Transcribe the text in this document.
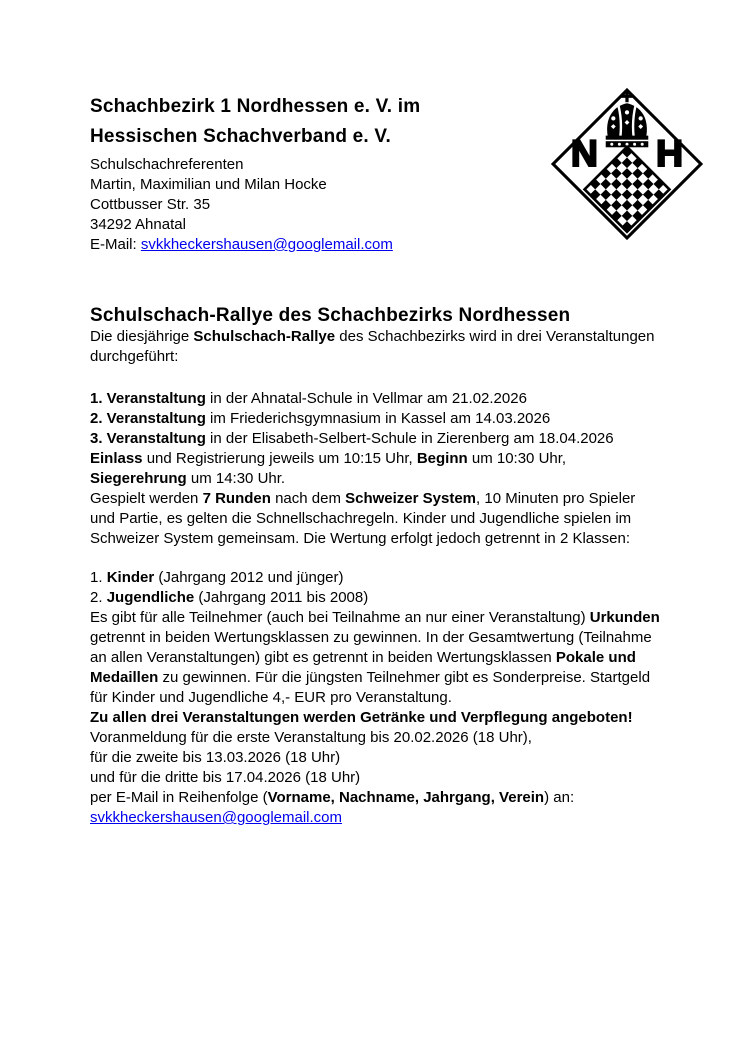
N H
Schachbezirk 1 Nordhessen e. V. im
Hessischen Schachverband e. V.
Schulschachreferenten
Martin, Maximilian und Milan Hocke
Cottbusser Str. 35
34292 Ahnatal
E-Mail: svkkheckershausen@googlemail.com
Schulschach-Rallye des Schachbezirks Nordhessen

Die diesjährige Schulschach-Rallye des Schachbezirks wird in drei Veranstaltungen durchgeführt:

1. Veranstaltung in der Ahnatal-Schule in Vellmar am 21.02.2026
2. Veranstaltung im Friederichsgymnasium in Kassel am 14.03.2026
3. Veranstaltung in der Elisabeth-Selbert-Schule in Zierenberg am 18.04.2026

Einlass und Registrierung jeweils um 10:15 Uhr, Beginn um 10:30 Uhr, Siegerehrung um 14:30 Uhr.

Gespielt werden 7 Runden nach dem Schweizer System, 10 Minuten pro Spieler und Partie, es gelten die Schnellschachregeln. Kinder und Jugendliche spielen im Schweizer System gemeinsam. Die Wertung erfolgt jedoch getrennt in 2 Klassen:

1. Kinder (Jahrgang 2012 und jünger)
2. Jugendliche (Jahrgang 2011 bis 2008)

Es gibt für alle Teilnehmer (auch bei Teilnahme an nur einer Veranstaltung) Urkunden getrennt in beiden Wertungsklassen zu gewinnen. In der Gesamtwertung (Teilnahme an allen Veranstaltungen) gibt es getrennt in beiden Wertungsklassen Pokale und Medaillen zu gewinnen. Für die jüngsten Teilnehmer gibt es Sonderpreise. Startgeld für Kinder und Jugendliche 4,- EUR pro Veranstaltung.

Zu allen drei Veranstaltungen werden Getränke und Verpflegung angeboten!

Voranmeldung für die erste Veranstaltung bis 20.02.2026 (18 Uhr),

für die zweite bis 13.03.2026 (18 Uhr)

und für die dritte bis 17.04.2026 (18 Uhr)

per E-Mail in Reihenfolge (Vorname, Nachname, Jahrgang, Verein) an:

svkkheckershausen@googlemail.com
